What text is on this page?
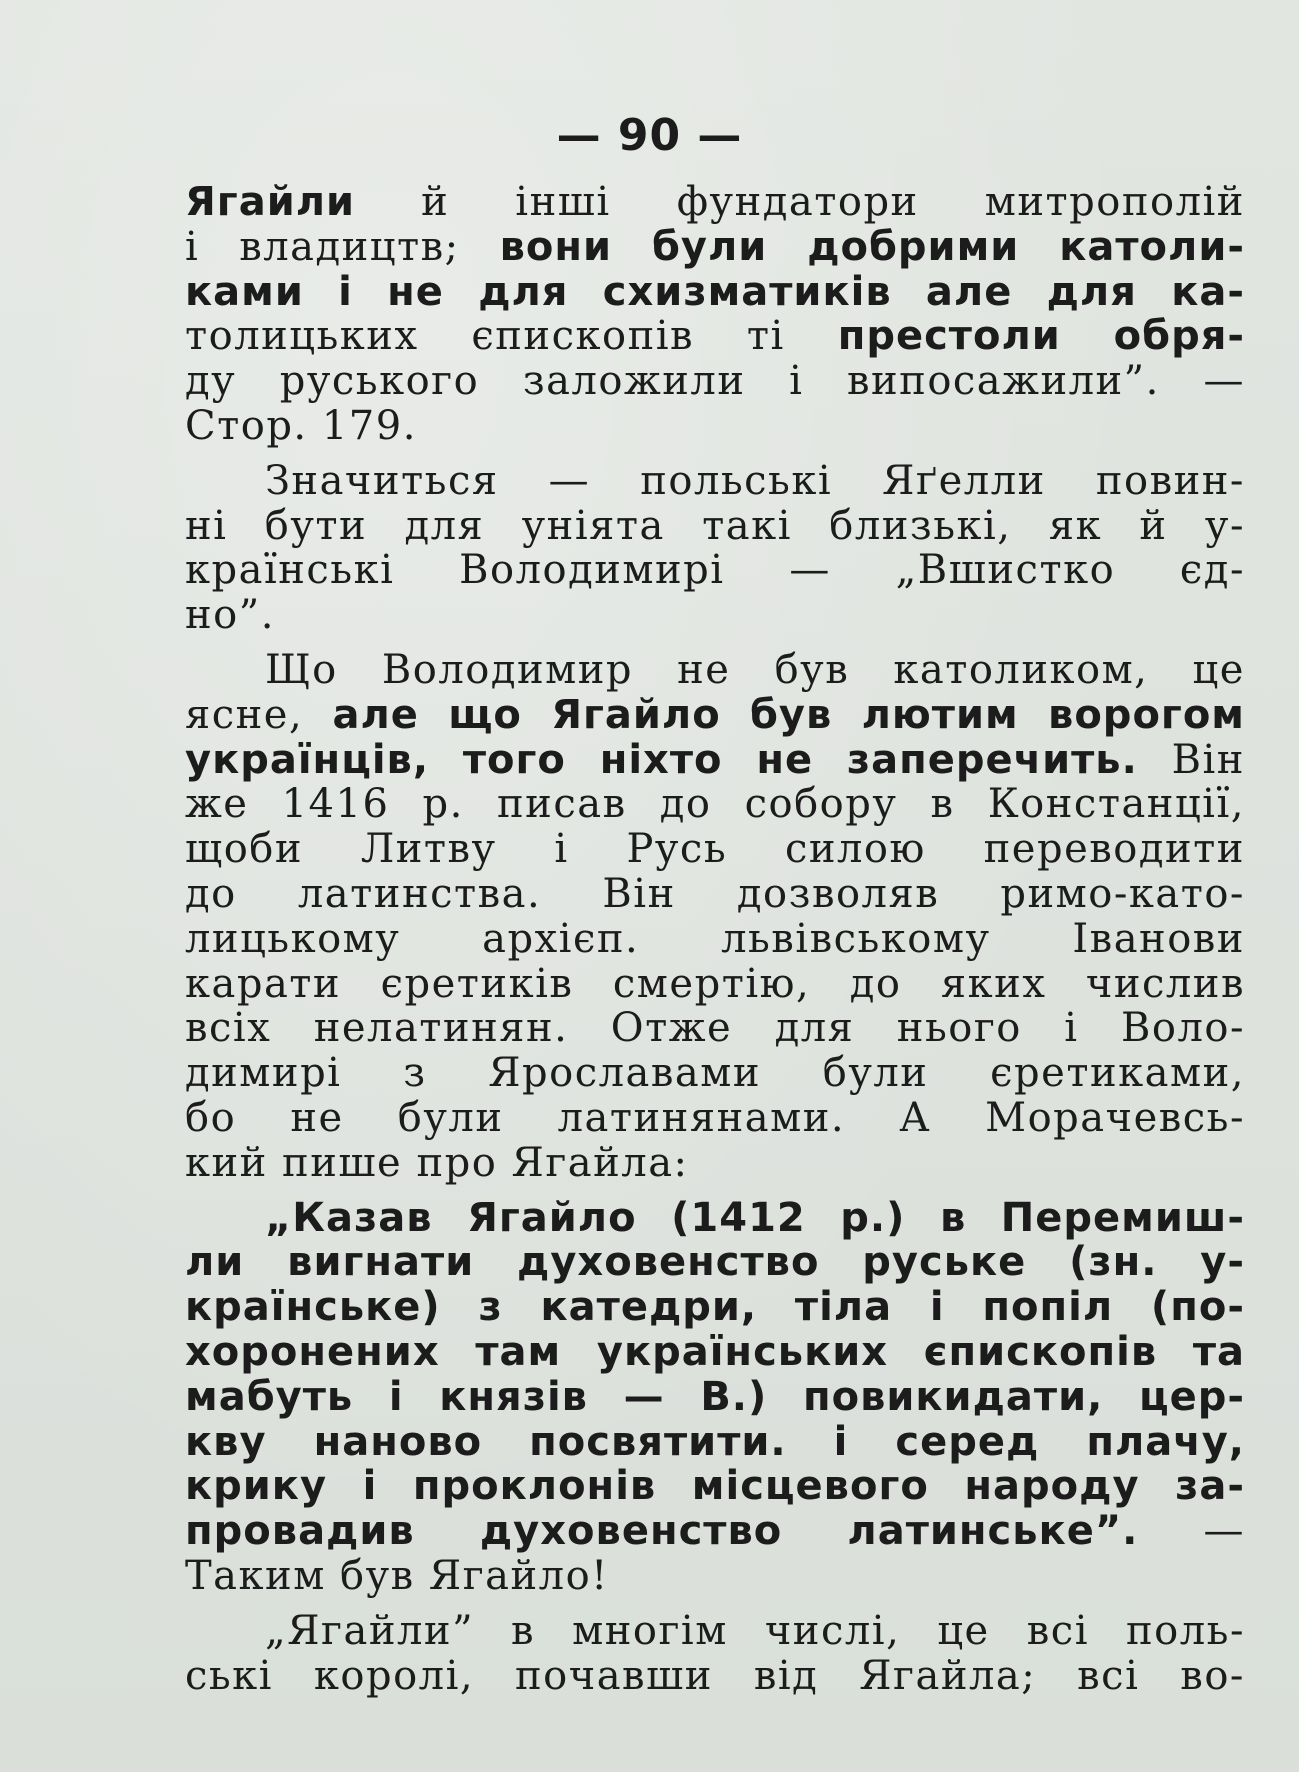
— 90 —
Ягайли й інші фундатори митрополій
і владицтв; вони були добрими католи-
ками і не для схизматиків але для ка-
толицьких єпископів ті престоли обря-
ду руського заложили і випосажили”. —
Стор. 179.
Значиться — польські Яґелли повин-
ні бути для унiята такі близькі, як й у-
країнські Володимирі — „Вшистко єд-
но”.
Що Володимир не був католиком, це
ясне, але що Ягайло був лютим ворогом
українців, того ніхто не заперечить. Він
же 1416 р. писав до собору в Констанції,
щоби Литву і Русь силою переводити
до латинства. Він дозволяв римо-като-
лицькому архієп. львівському Іванови
карати єретиків смертію, до яких числив
всіх нелатинян. Отже для нього і Воло-
димирі з Ярославами були єретиками,
бо не були латинянами. А Морачевсь-
кий пише про Ягайла:
„Казав Ягайло (1412 р.) в Перемиш-
ли вигнати духовенство руське (зн. у-
країнське) з катедри, тіла і попіл (по-
хоронених там українських єпископів та
мабуть і князів — В.) повикидати, цер-
кву наново посвятити. і серед плачу,
крику і проклонів місцевого народу за-
провадив духовенство латинське”. —
Таким був Ягайло!
„Ягайли” в многім числі, це всі поль-
ські королі, почавши від Ягайла; всі во-
